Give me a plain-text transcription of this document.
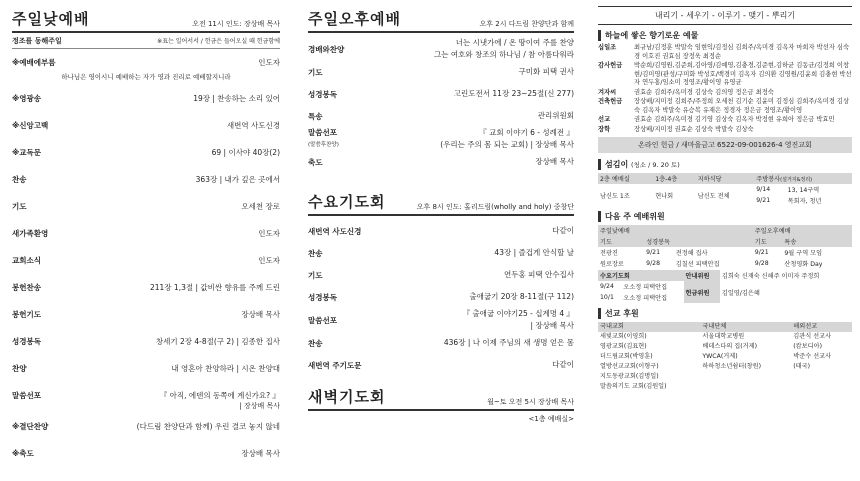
주일낮예배	오전 11시 인도: 장상배 목사
정조를 동해주일	※표는 일어서서 / 헌금은 들어오실 때 헌금함에
※예배에부름	인도자
하나님은 영이시니 예배하는 자가 영과 진리로 예배할지니라
※영광송	19장 | 찬송하는 소리 있어
※신앙고백	새번역 사도신경
※교독문	69 | 이사야 40장(2)
찬송	363장 | 내가 깊은 곳에서
기도	오세천 장로
새가족환영	인도자
교회소식	인도자
봉헌찬송	211장 1,3절 | 값비싼 향유를 주께 드린
봉헌기도	장상배 목사
성경봉독	창세기 2장 4-8절(구 2) | 김종한 집사
찬양	내 영혼아 찬양하라 | 시온 찬양대
말씀선포	『 아직, 에덴의 동쪽에 계신가요? 』
| 장상배 목사
※결단찬양	(다드림 찬양단과 함께) 우린 결코 놓지 않네
※축도	장상배 목사
주일오후예배	오후 2시 다드림 찬양단과 함께
경배와찬양
너는 시냇가에 / 온 땅이여 주를 찬양
그는 여호와 창조의 하나님 / 참 아름다워라
기도	구미화 피택 권사
성경봉독	고린도전서 11장 23~25절(신 277)
특송	관리위원회
말씀선포
(말씀후찬양)
『 교회 이야기 6 - 성례전 』
(우리는 주의 몸 되는 교회) | 장상배 목사
축도	장상배 목사
수요기도회	오후 8시 인도: 홀리드림(wholly and holy) 중창단
새번역 사도신경	다같이
찬송	43장 | 즐겁게 안식할 날
기도	연두홍 피택 안수집사
성경봉독	출애굽기 20장 8-11절(구 112)
말씀선포
『 출애굽 이야기25 - 십계명 4 』
| 장상배 목사
찬송	436장 | 나 이제 주님의 새 생명 얻은 몸
새번역 주기도문	다같이
새벽기도회	월~토 오전 5시 장상배 목사
<1층 예배실>
내리기 - 세우기 - 이루기 - 맺기 - 뿌리기
하늘에 쌓은 향기로운 예물
십일조	최규남/김정훈 박말숙 임현익/김정심 김희주/옥미경 김옥자 마희자 박선자 심숙경 이호진 권효심 장정욱 최정순
감사헌금	박순희/김영원,김준희,김아영/김예영,김충경,김준현,김하균 김동균/김정희 이창현/김미영(관성/구미화 박성호/백경미 김옥자 김의환 김영원/김윤희 김충현 박선자 연두홍/임소미 정영조/황이영 유영균
겨자씨	권효순 김희주/옥미경 김상숙 김의영 정은금 최정숙
건축헌금	장상배/지미정 김희주/주정희 오세천 김기순 김윤미 김정심 김희주/옥미경 김상숙 김옥자 박말숙 유승복 유재은 정경자 정은금 정영조/황이영
선교	권효순 김희주/옥미경 김기영 김상숙 김옥자 박정현 유희아 정은금 박효민
장학	장상배/지미정 권효순 김상숙 박말숙 김상숙
온라인 헌금 / 새마을금고 6522-09-001626-4 영진교회
섬김이 (청소 / 9. 20 토)
2층 예배실	1층-4층	지하식당	주방봉사(설거지&정리)	
남신도 1조	현나회	남신도 전체	9/14	13, 14구역
			9/21	목회자, 청년
다음 주 예배위원
주일낮예배			주일오후예배	
기도	성경봉독		기도	특송
전광진	9/21	전정해 집사	9/21	9월 구역 모임
원로장로	9/28	김칠선 피택안집	9/28	산청영화 Day
수요기도회		안내위원	김희숙 신재숙 신해주 이미자 주정희
9/24	오소정 피택안집	헌금위원	김일영/김은혜
10/1	오소정 피택안집		
선교 후원
국내교회	국내단체	해외선교
새빛교회(이영희)	서울대학교병원	김관식 선교사
영광교회(김표현)	베데스다의 집(거제)	(캄보디아)
더드림교회(박영훈)	YWCA(거제)	박준수 선교사
열방선교교회(이형구)	하하청소년쉼터(창원)	(태국)
지도동광교회(김명일)		
말씀의기도 교회(김원일)		
